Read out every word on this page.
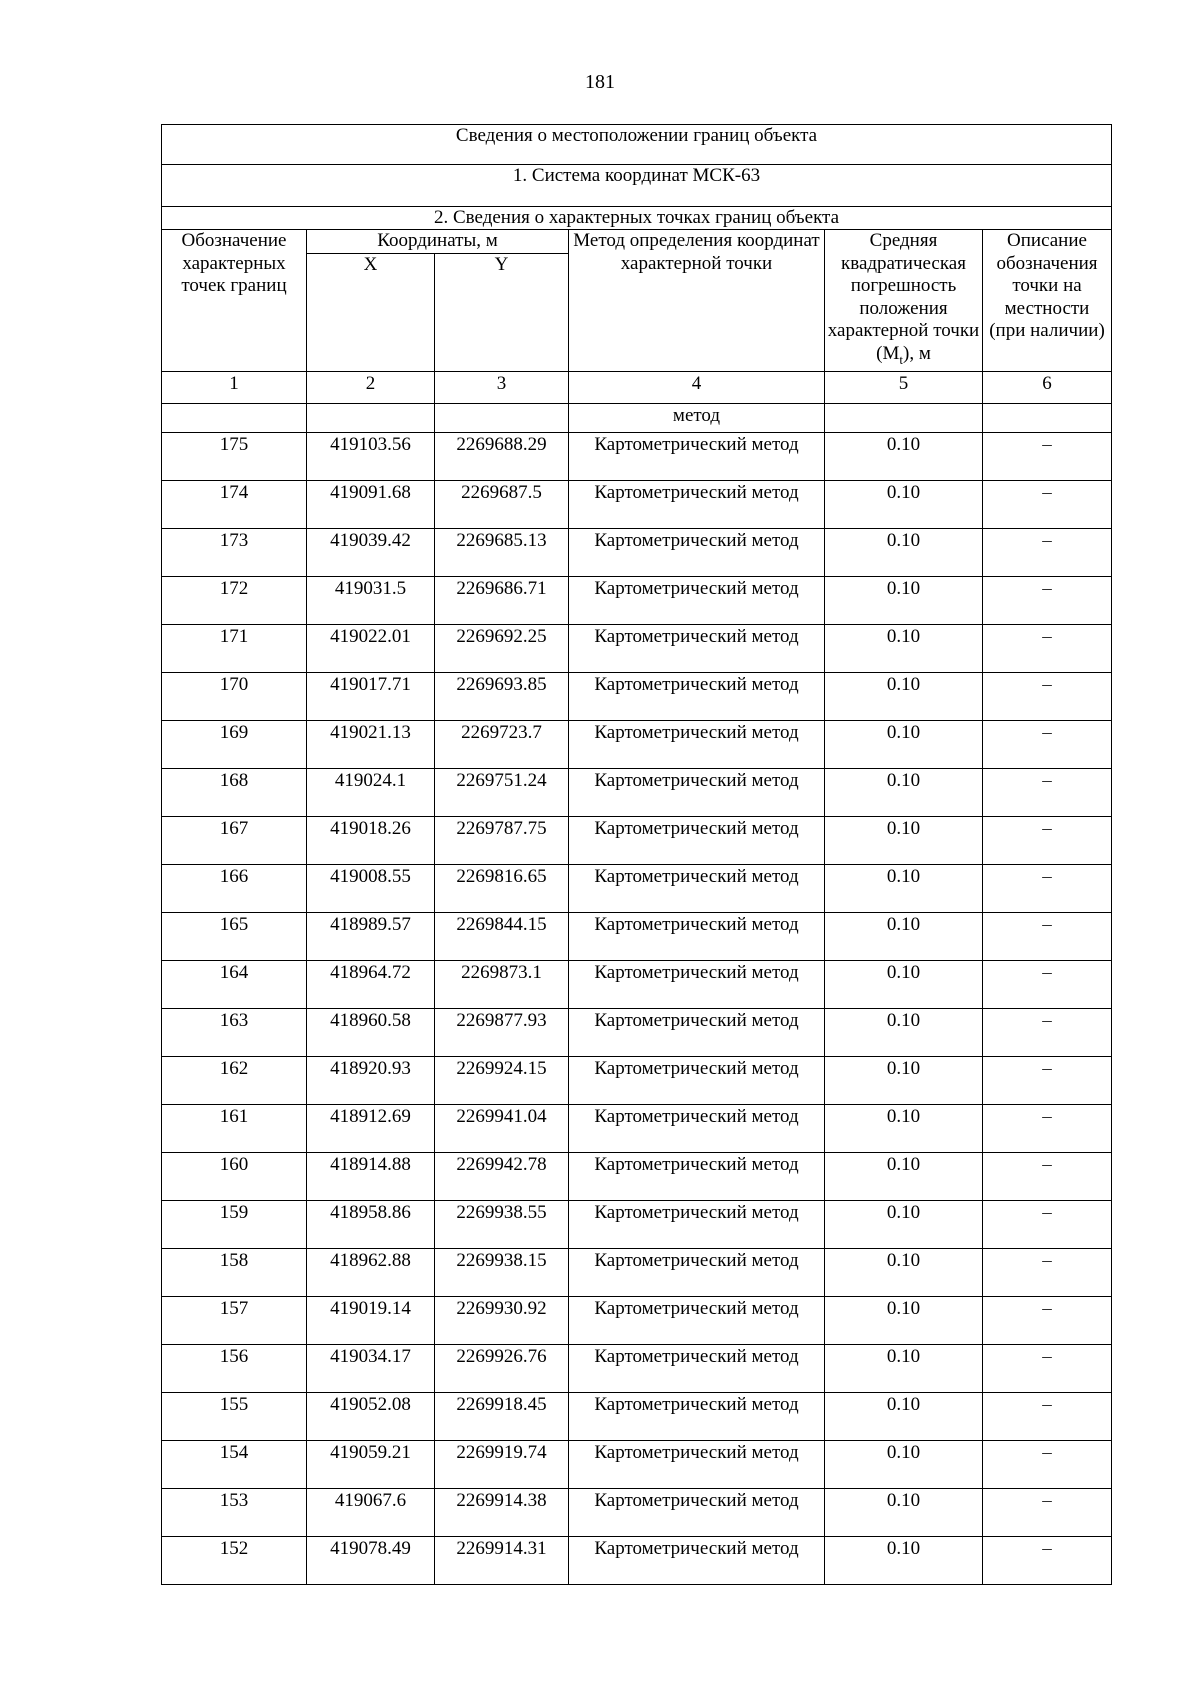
181
Сведения о местоположении границ объекта					
1. Система координат МСК-63					
2. Сведения о характерных точках границ объекта					
Обозначение характерных точек границ	Координаты, м		Метод определения координат характерной точки	Средняя квадратическая погрешность положения характерной точки $(M_t)$, м	Описание обозначения точки на местности (при наличии)
	X	Y			
1	2	3	4	5	6
			метод		
175	419103.56	2269688.29	Картометрический метод	0.10	–
174	419091.68	2269687.5	Картометрический метод	0.10	–
173	419039.42	2269685.13	Картометрический метод	0.10	–
172	419031.5	2269686.71	Картометрический метод	0.10	–
171	419022.01	2269692.25	Картометрический метод	0.10	–
170	419017.71	2269693.85	Картометрический метод	0.10	–
169	419021.13	2269723.7	Картометрический метод	0.10	–
168	419024.1	2269751.24	Картометрический метод	0.10	–
167	419018.26	2269787.75	Картометрический метод	0.10	–
166	419008.55	2269816.65	Картометрический метод	0.10	–
165	418989.57	2269844.15	Картометрический метод	0.10	–
164	418964.72	2269873.1	Картометрический метод	0.10	–
163	418960.58	2269877.93	Картометрический метод	0.10	–
162	418920.93	2269924.15	Картометрический метод	0.10	–
161	418912.69	2269941.04	Картометрический метод	0.10	–
160	418914.88	2269942.78	Картометрический метод	0.10	–
159	418958.86	2269938.55	Картометрический метод	0.10	–
158	418962.88	2269938.15	Картометрический метод	0.10	–
157	419019.14	2269930.92	Картометрический метод	0.10	–
156	419034.17	2269926.76	Картометрический метод	0.10	–
155	419052.08	2269918.45	Картометрический метод	0.10	–
154	419059.21	2269919.74	Картометрический метод	0.10	–
153	419067.6	2269914.38	Картометрический метод	0.10	–
152	419078.49	2269914.31	Картометрический метод	0.10	–
